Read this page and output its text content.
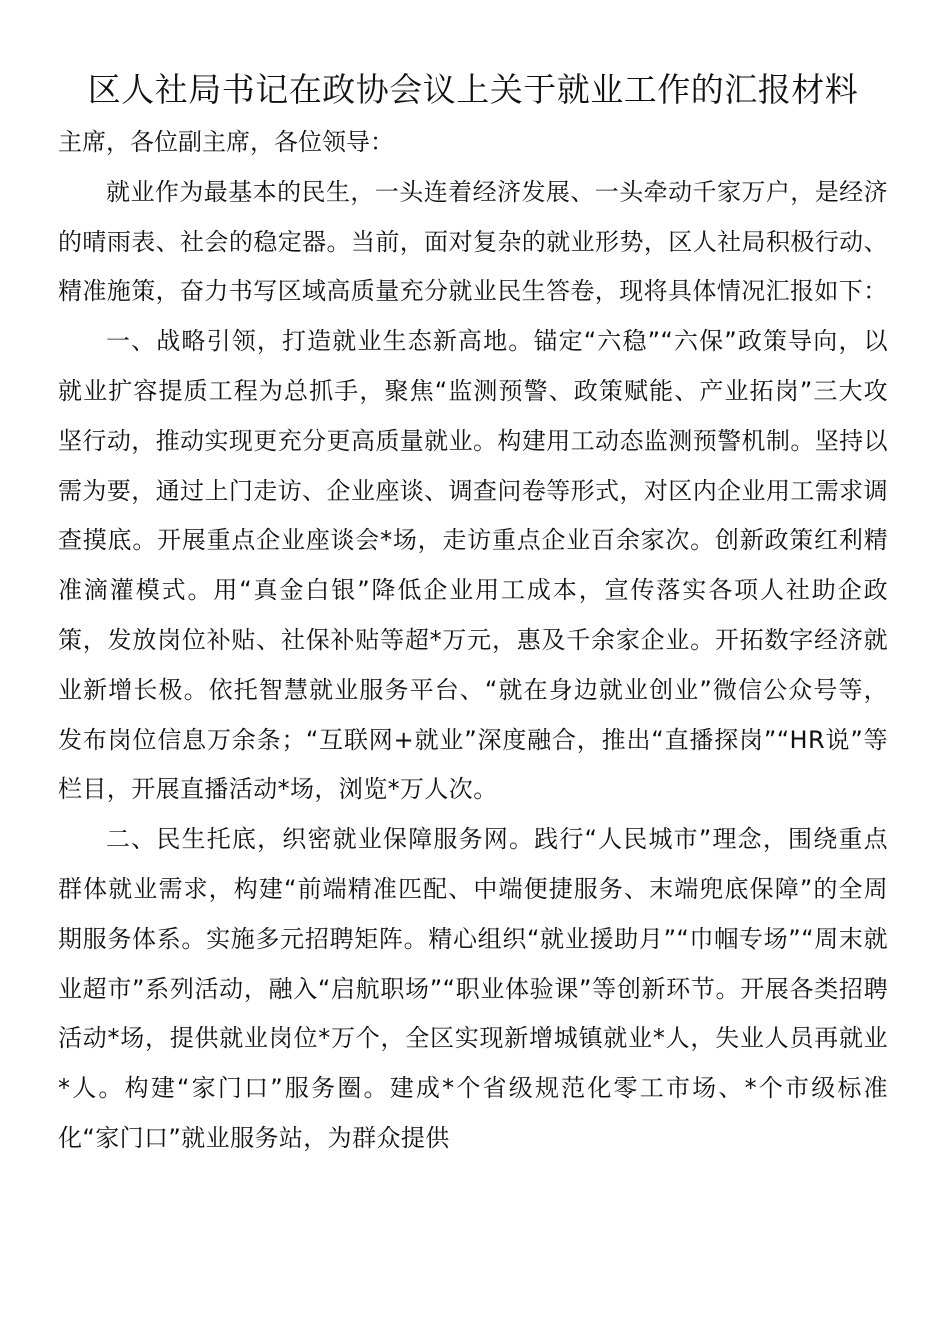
区人社局书记在政协会议上关于就业工作的汇报材料

主席，各位副主席，各位领导：

就业作为最基本的民生，一头连着经济发展、一头牵动千家万户，是经济的晴雨表、社会的稳定器。当前，面对复杂的就业形势，区人社局积极行动、精准施策，奋力书写区域高质量充分就业民生答卷，现将具体情况汇报如下：

一、战略引领，打造就业生态新高地。锚定“六稳”“六保”政策导向，以就业扩容提质工程为总抓手，聚焦“监测预警、政策赋能、产业拓岗”三大攻坚行动，推动实现更充分更高质量就业。构建用工动态监测预警机制。坚持以需为要，通过上门走访、企业座谈、调查问卷等形式，对区内企业用工需求调查摸底。开展重点企业座谈会*场，走访重点企业百余家次。创新政策红利精准滴灌模式。用“真金白银”降低企业用工成本，宣传落实各项人社助企政策，发放岗位补贴、社保补贴等超*万元，惠及千余家企业。开拓数字经济就业新增长极。依托智慧就业服务平台、“就在身边就业创业”微信公众号等，发布岗位信息万余条；“互联网+就业”深度融合，推出“直播探岗”“HR说”等栏目，开展直播活动*场，浏览*万人次。

二、民生托底，织密就业保障服务网。践行“人民城市”理念，围绕重点群体就业需求，构建“前端精准匹配、中端便捷服务、末端兜底保障”的全周期服务体系。实施多元招聘矩阵。精心组织“就业援助月”“巾帼专场”“周末就业超市”系列活动，融入“启航职场”“职业体验课”等创新环节。开展各类招聘活动*场，提供就业岗位*万个，全区实现新增城镇就业*人，失业人员再就业*人。构建“家门口”服务圈。建成*个省级规范化零工市场、*个市级标准化“家门口”就业服务站，为群众提供
